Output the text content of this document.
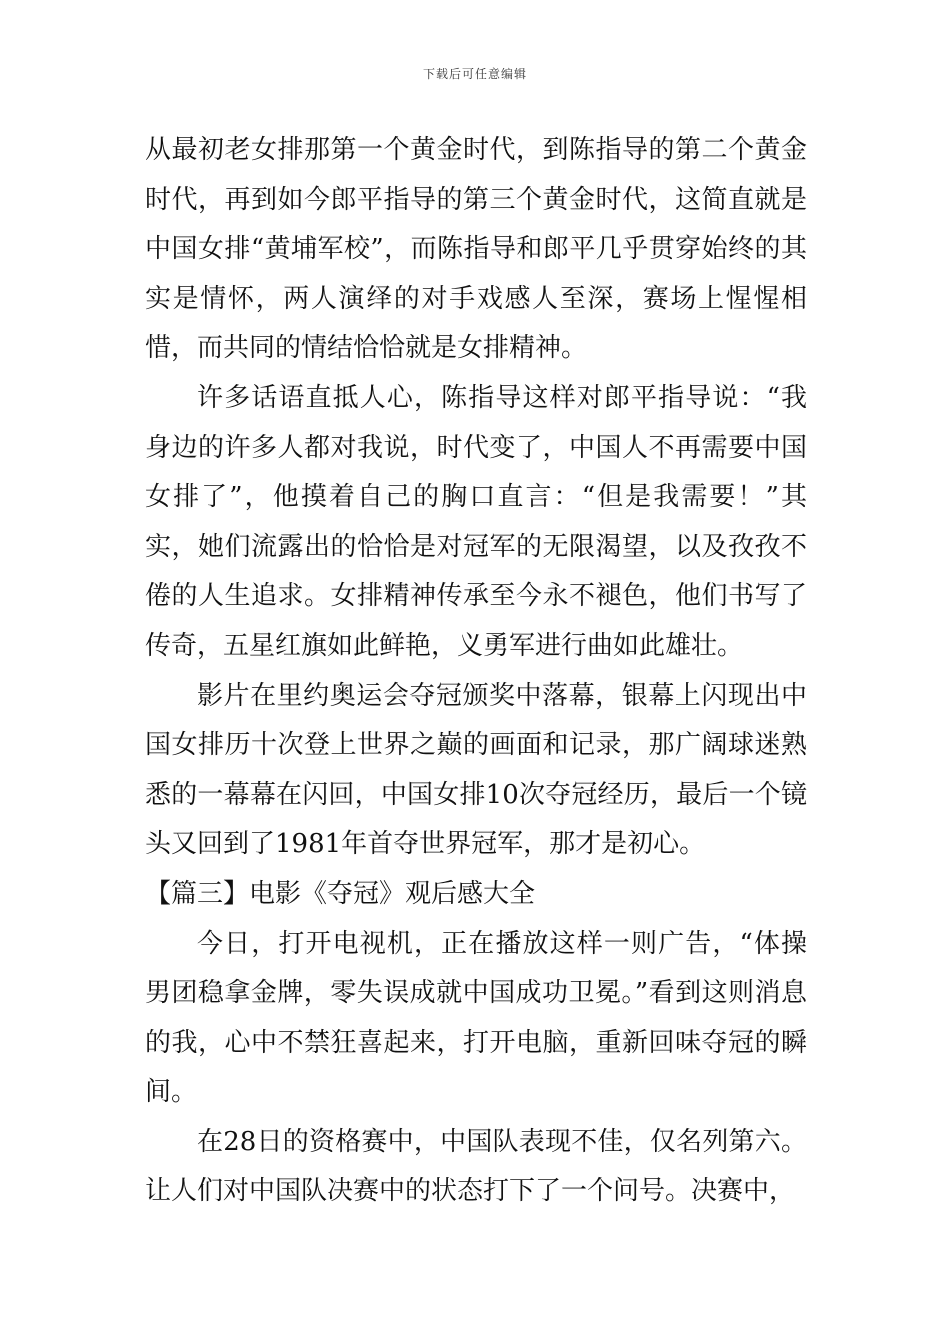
下载后可任意编辑

从最初老女排那第一个黄金时代，到陈指导的第二个黄金时代，再到如今郎平指导的第三个黄金时代，这简直就是中国女排“黄埔军校”，而陈指导和郎平几乎贯穿始终的其实是情怀，两人演绎的对手戏感人至深，赛场上惺惺相惜，而共同的情结恰恰就是女排精神。

许多话语直抵人心，陈指导这样对郎平指导说：“我身边的许多人都对我说，时代变了，中国人不再需要中国女排了”，他摸着自己的胸口直言：“但是我需要！”其实，她们流露出的恰恰是对冠军的无限渴望，以及孜孜不倦的人生追求。女排精神传承至今永不褪色，他们书写了传奇，五星红旗如此鲜艳，义勇军进行曲如此雄壮。

影片在里约奥运会夺冠颁奖中落幕，银幕上闪现出中国女排历十次登上世界之巅的画面和记录，那广阔球迷熟悉的一幕幕在闪回，中国女排10次夺冠经历，最后一个镜头又回到了1981年首夺世界冠军，那才是初心。

【篇三】电影《夺冠》观后感大全

今日，打开电视机，正在播放这样一则广告，“体操男团稳拿金牌，零失误成就中国成功卫冕。”看到这则消息的我，心中不禁狂喜起来，打开电脑，重新回味夺冠的瞬间。

在28日的资格赛中，中国队表现不佳，仅名列第六。让人们对中国队决赛中的状态打下了一个问号。决赛中，
